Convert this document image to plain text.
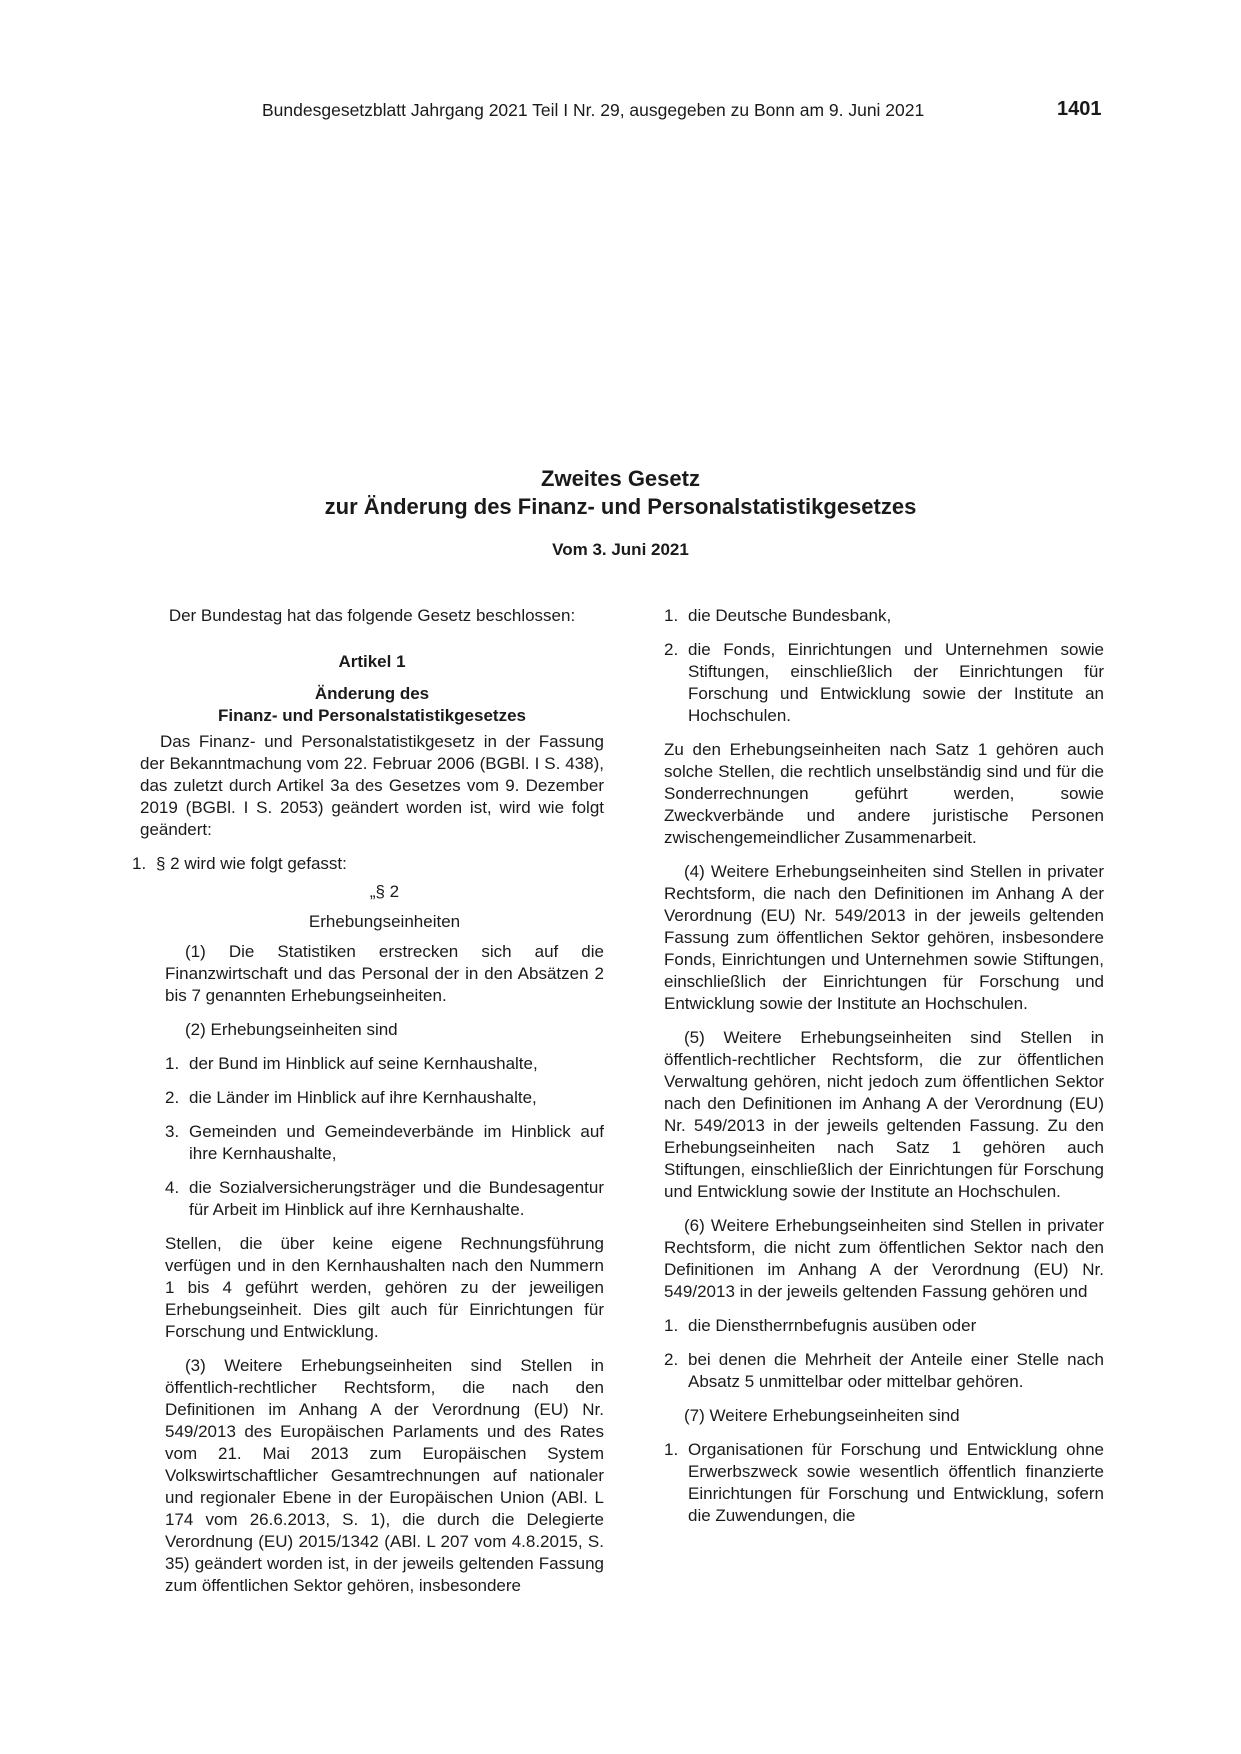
Bundesgesetzblatt Jahrgang 2021 Teil I Nr. 29, ausgegeben zu Bonn am 9. Juni 2021	1401
Zweites Gesetz
zur Änderung des Finanz- und Personalstatistikgesetzes
Vom 3. Juni 2021

Der Bundestag hat das folgende Gesetz beschlossen:

Artikel 1

Änderung des
Finanz- und Personalstatistikgesetzes

Das Finanz- und Personalstatistikgesetz in der Fassung der Bekanntmachung vom 22. Februar 2006 (BGBl. I S. 438), das zuletzt durch Artikel 3a des Gesetzes vom 9. Dezember 2019 (BGBl. I S. 2053) geändert worden ist, wird wie folgt geändert:

1. § 2 wird wie folgt gefasst:

„§ 2

Erhebungseinheiten

(1) Die Statistiken erstrecken sich auf die Finanzwirtschaft und das Personal der in den Absätzen 2 bis 7 genannten Erhebungseinheiten.

(2) Erhebungseinheiten sind

1. der Bund im Hinblick auf seine Kernhaushalte,
2. die Länder im Hinblick auf ihre Kernhaushalte,
3. Gemeinden und Gemeindeverbände im Hinblick auf ihre Kernhaushalte,
4. die Sozialversicherungsträger und die Bundesagentur für Arbeit im Hinblick auf ihre Kernhaushalte.

Stellen, die über keine eigene Rechnungsführung verfügen und in den Kernhaushalten nach den Nummern 1 bis 4 geführt werden, gehören zu der jeweiligen Erhebungseinheit. Dies gilt auch für Einrichtungen für Forschung und Entwicklung.

(3) Weitere Erhebungseinheiten sind Stellen in öffentlich-rechtlicher Rechtsform, die nach den Definitionen im Anhang A der Verordnung (EU) Nr. 549/2013 des Europäischen Parlaments und des Rates vom 21. Mai 2013 zum Europäischen System Volkswirtschaftlicher Gesamtrechnungen auf nationaler und regionaler Ebene in der Europäischen Union (ABl. L 174 vom 26.6.2013, S. 1), die durch die Delegierte Verordnung (EU) 2015/1342 (ABl. L 207 vom 4.8.2015, S. 35) geändert worden ist, in der jeweils geltenden Fassung zum öffentlichen Sektor gehören, insbesondere

1. die Deutsche Bundesbank,
2. die Fonds, Einrichtungen und Unternehmen sowie Stiftungen, einschließlich der Einrichtungen für Forschung und Entwicklung sowie der Institute an Hochschulen.

Zu den Erhebungseinheiten nach Satz 1 gehören auch solche Stellen, die rechtlich unselbständig sind und für die Sonderrechnungen geführt werden, sowie Zweckverbände und andere juristische Personen zwischengemeindlicher Zusammenarbeit.

(4) Weitere Erhebungseinheiten sind Stellen in privater Rechtsform, die nach den Definitionen im Anhang A der Verordnung (EU) Nr. 549/2013 in der jeweils geltenden Fassung zum öffentlichen Sektor gehören, insbesondere Fonds, Einrichtungen und Unternehmen sowie Stiftungen, einschließlich der Einrichtungen für Forschung und Entwicklung sowie der Institute an Hochschulen.

(5) Weitere Erhebungseinheiten sind Stellen in öffentlich-rechtlicher Rechtsform, die zur öffentlichen Verwaltung gehören, nicht jedoch zum öffentlichen Sektor nach den Definitionen im Anhang A der Verordnung (EU) Nr. 549/2013 in der jeweils geltenden Fassung. Zu den Erhebungseinheiten nach Satz 1 gehören auch Stiftungen, einschließlich der Einrichtungen für Forschung und Entwicklung sowie der Institute an Hochschulen.

(6) Weitere Erhebungseinheiten sind Stellen in privater Rechtsform, die nicht zum öffentlichen Sektor nach den Definitionen im Anhang A der Verordnung (EU) Nr. 549/2013 in der jeweils geltenden Fassung gehören und

1. die Dienstherrnbefugnis ausüben oder
2. bei denen die Mehrheit der Anteile einer Stelle nach Absatz 5 unmittelbar oder mittelbar gehören.

(7) Weitere Erhebungseinheiten sind

1. Organisationen für Forschung und Entwicklung ohne Erwerbszweck sowie wesentlich öffentlich finanzierte Einrichtungen für Forschung und Entwicklung, sofern die Zuwendungen, die
